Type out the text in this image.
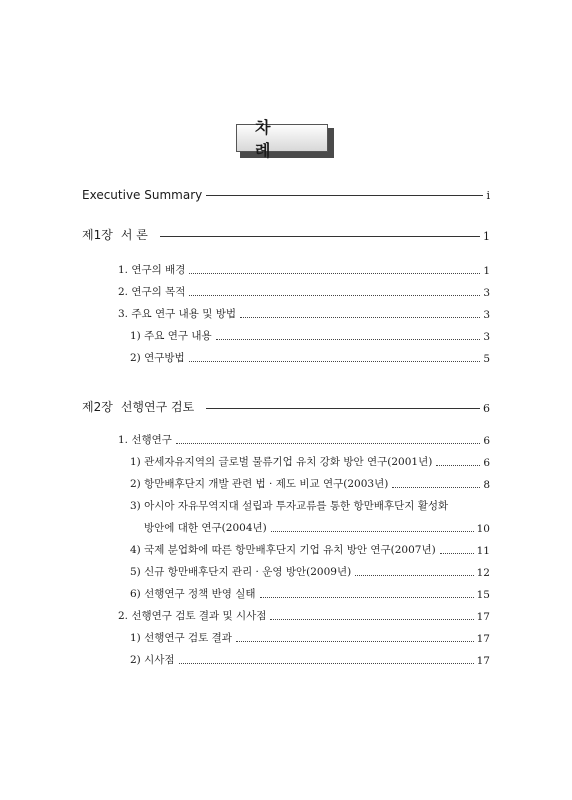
차 례
Executive Summary	i
제1장 서 론	1
1. 연구의 배경	1
2. 연구의 목적	3
3. 주요 연구 내용 및 방법	3
1) 주요 연구 내용	3
2) 연구방법	5
제2장 선행연구 검토	6
1. 선행연구	6
1) 관세자유지역의 글로벌 물류기업 유치 강화 방안 연구(2001년)	6
2) 항만배후단지 개발 관련 법 · 제도 비교 연구(2003년)	8
3) 아시아 자유무역지대 설립과 투자교류를 통한 항만배후단지 활성화
방안에 대한 연구(2004년)	10
4) 국제 분업화에 따른 항만배후단지 기업 유치 방안 연구(2007년)	11
5) 신규 항만배후단지 관리 · 운영 방안(2009년)	12
6) 선행연구 정책 반영 실태	15
2. 선행연구 검토 결과 및 시사점	17
1) 선행연구 검토 결과	17
2) 시사점	17
